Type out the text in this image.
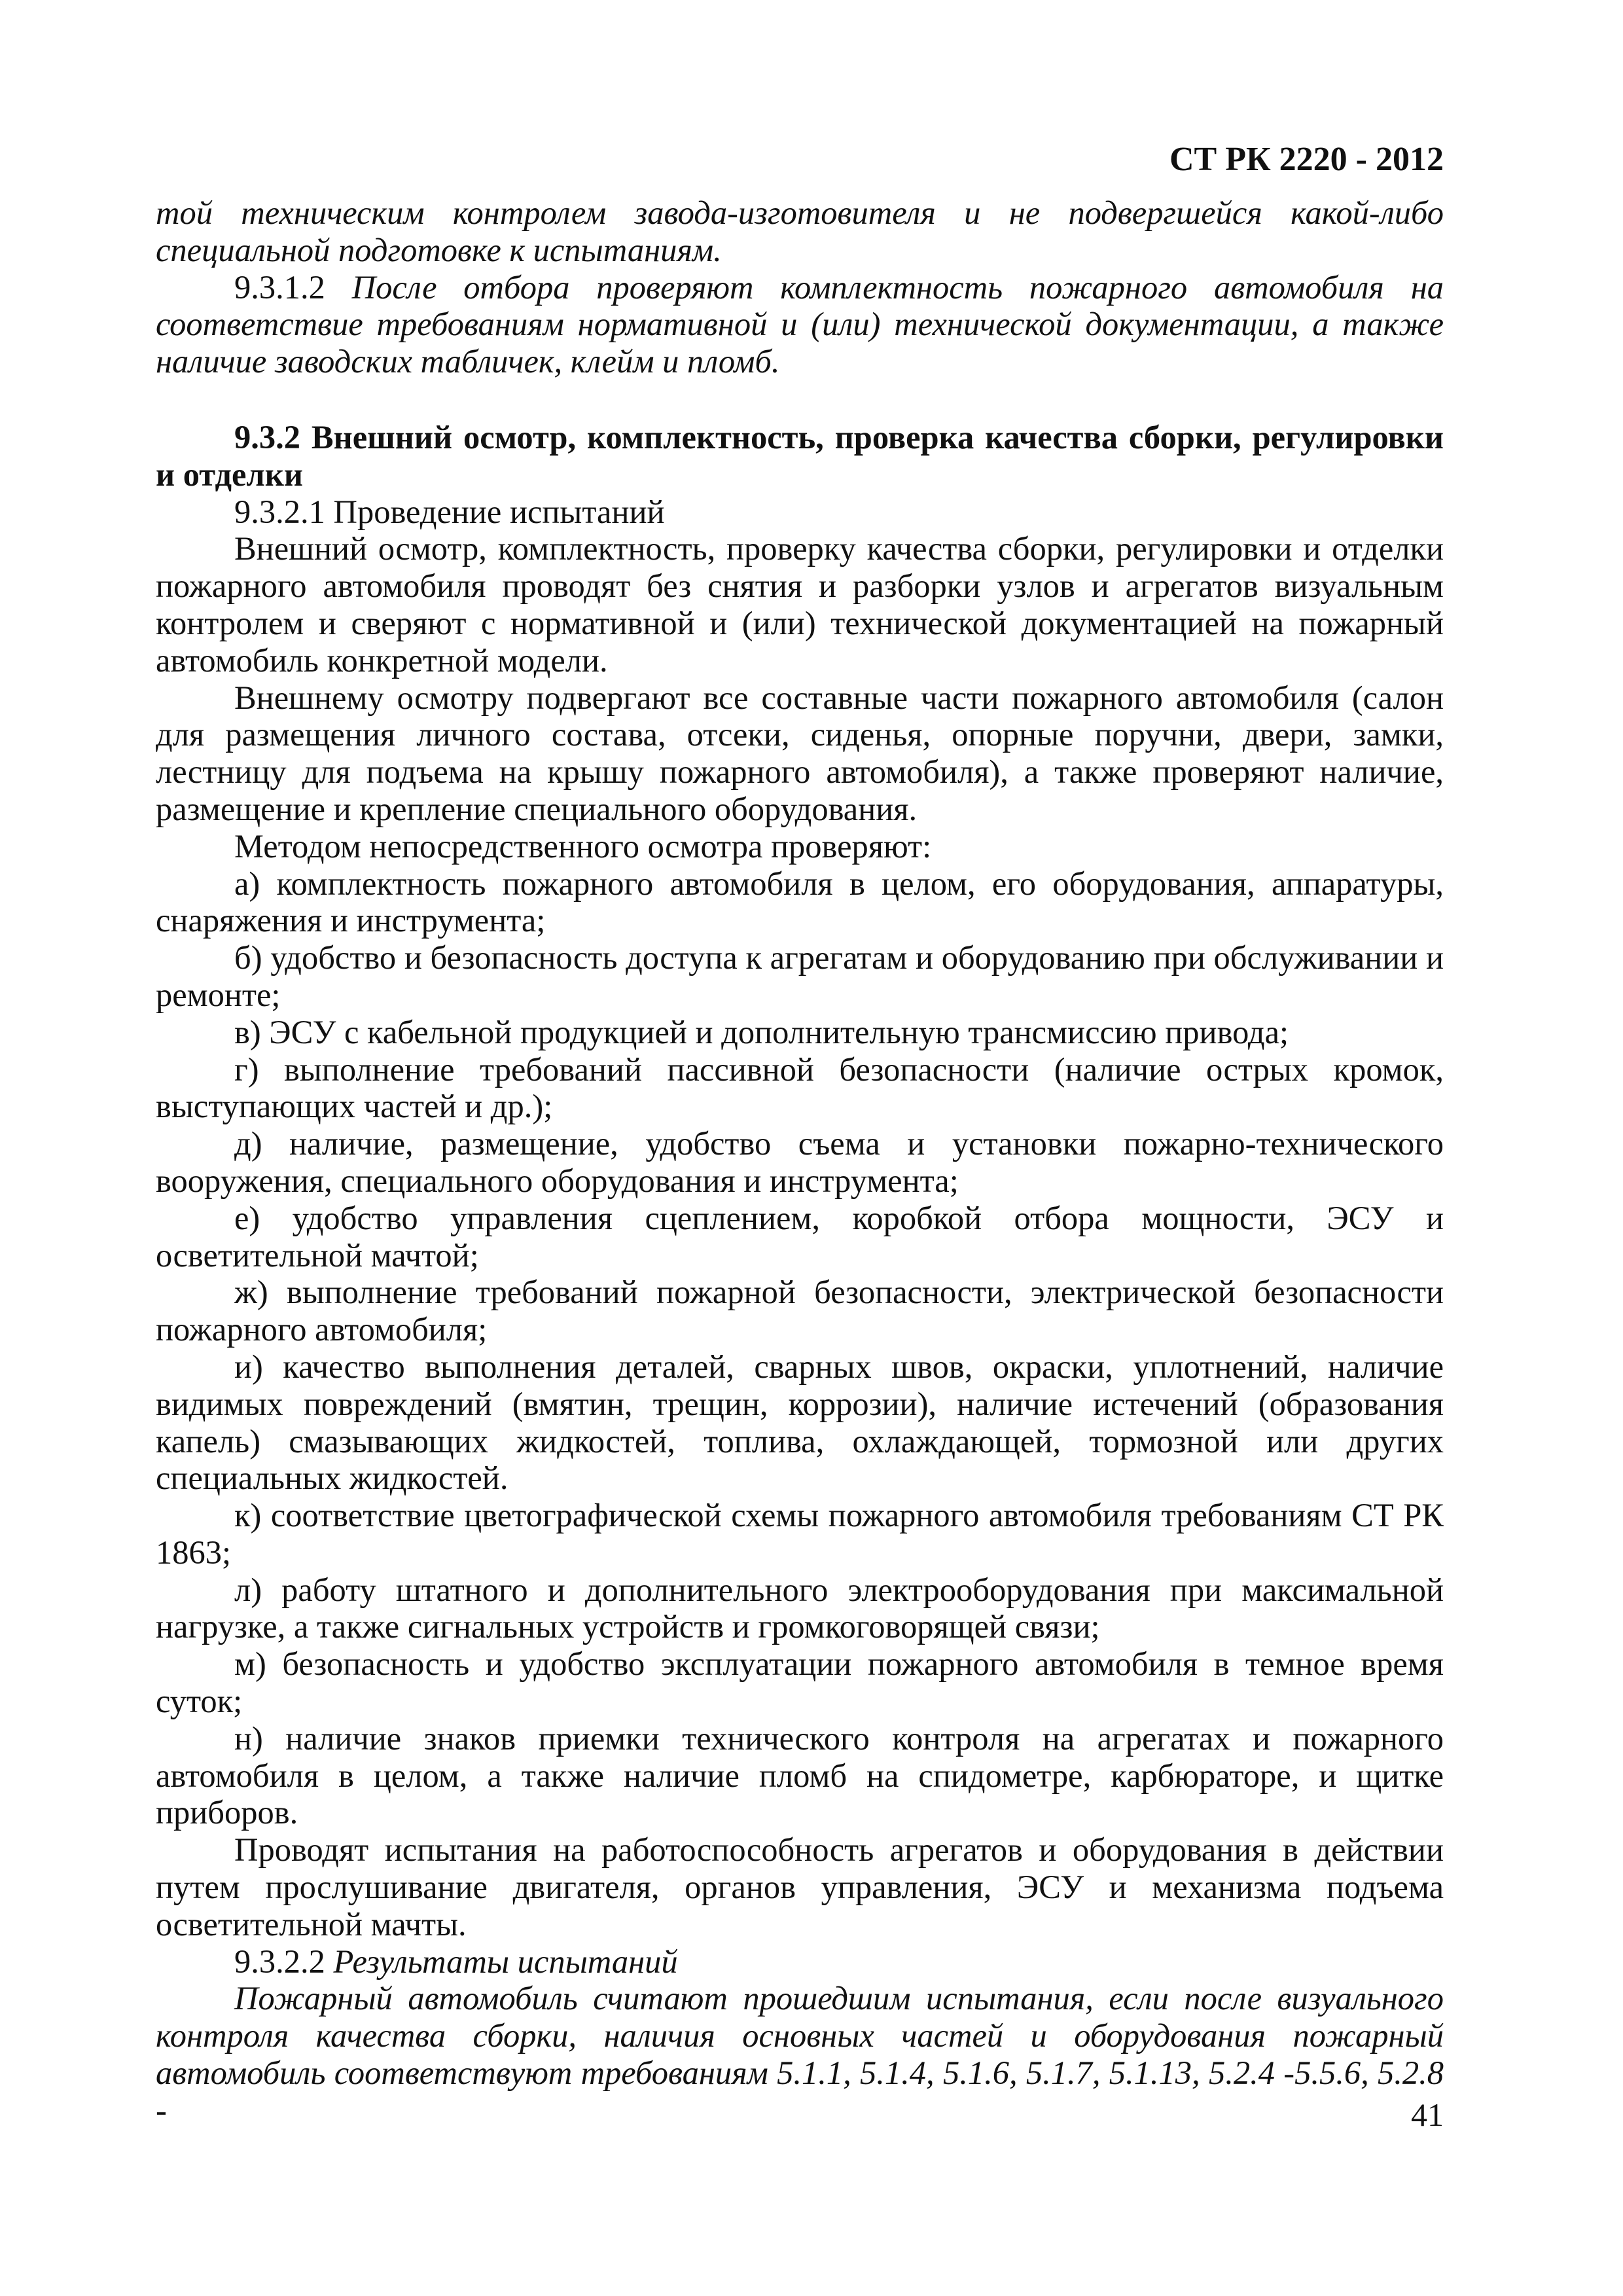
СТ РК 2220 - 2012

той техническим контролем завода-изготовителя и не подвергшейся какой-либо специальной подготовке к испытаниям.

9.3.1.2 После отбора проверяют комплектность пожарного автомобиля на соответствие требованиям нормативной и (или) технической документации, а также наличие заводских табличек, клейм и пломб.

9.3.2 Внешний осмотр, комплектность, проверка качества сборки, регулировки и отделки

9.3.2.1 Проведение испытаний

Внешний осмотр, комплектность, проверку качества сборки, регулировки и отделки пожарного автомобиля проводят без снятия и разборки узлов и агрегатов визуальным контролем и сверяют с нормативной и (или) технической документацией на пожарный автомобиль конкретной модели.

Внешнему осмотру подвергают все составные части пожарного автомобиля (салон для размещения личного состава, отсеки, сиденья, опорные поручни, двери, замки, лестницу для подъема на крышу пожарного автомобиля), а также проверяют наличие, размещение и крепление специального оборудования.

Методом непосредственного осмотра проверяют:

а) комплектность пожарного автомобиля в целом, его оборудования, аппаратуры, снаряжения и инструмента;

б) удобство и безопасность доступа к агрегатам и оборудованию при обслуживании и ремонте;

в) ЭСУ с кабельной продукцией и дополнительную трансмиссию привода;

г) выполнение требований пассивной безопасности (наличие острых кромок, выступающих частей и др.);

д) наличие, размещение, удобство съема и установки пожарно-технического вооружения, специального оборудования и инструмента;

е) удобство управления сцеплением, коробкой отбора мощности, ЭСУ и осветительной мачтой;

ж) выполнение требований пожарной безопасности, электрической безопасности пожарного автомобиля;

и) качество выполнения деталей, сварных швов, окраски, уплотнений, наличие видимых повреждений (вмятин, трещин, коррозии), наличие истечений (образования капель) смазывающих жидкостей, топлива, охлаждающей, тормозной или других специальных жидкостей.

к) соответствие цветографической схемы пожарного автомобиля требованиям СТ РК 1863;

л) работу штатного и дополнительного электрооборудования при максимальной нагрузке, а также сигнальных устройств и громкоговорящей связи;

м) безопасность и удобство эксплуатации пожарного автомобиля в темное время суток;

н) наличие знаков приемки технического контроля на агрегатах и пожарного автомобиля в целом, а также наличие пломб на спидометре, карбюраторе, и щитке приборов.

Проводят испытания на работоспособность агрегатов и оборудования в действии путем прослушивание двигателя, органов управления, ЭСУ и механизма подъема осветительной мачты.

9.3.2.2 Результаты испытаний

Пожарный автомобиль считают прошедшим испытания, если после визуального контроля качества сборки, наличия основных частей и оборудования пожарный автомобиль соответствуют требованиям 5.1.1, 5.1.4, 5.1.6, 5.1.7, 5.1.13, 5.2.4 -5.5.6, 5.2.8 -	41
